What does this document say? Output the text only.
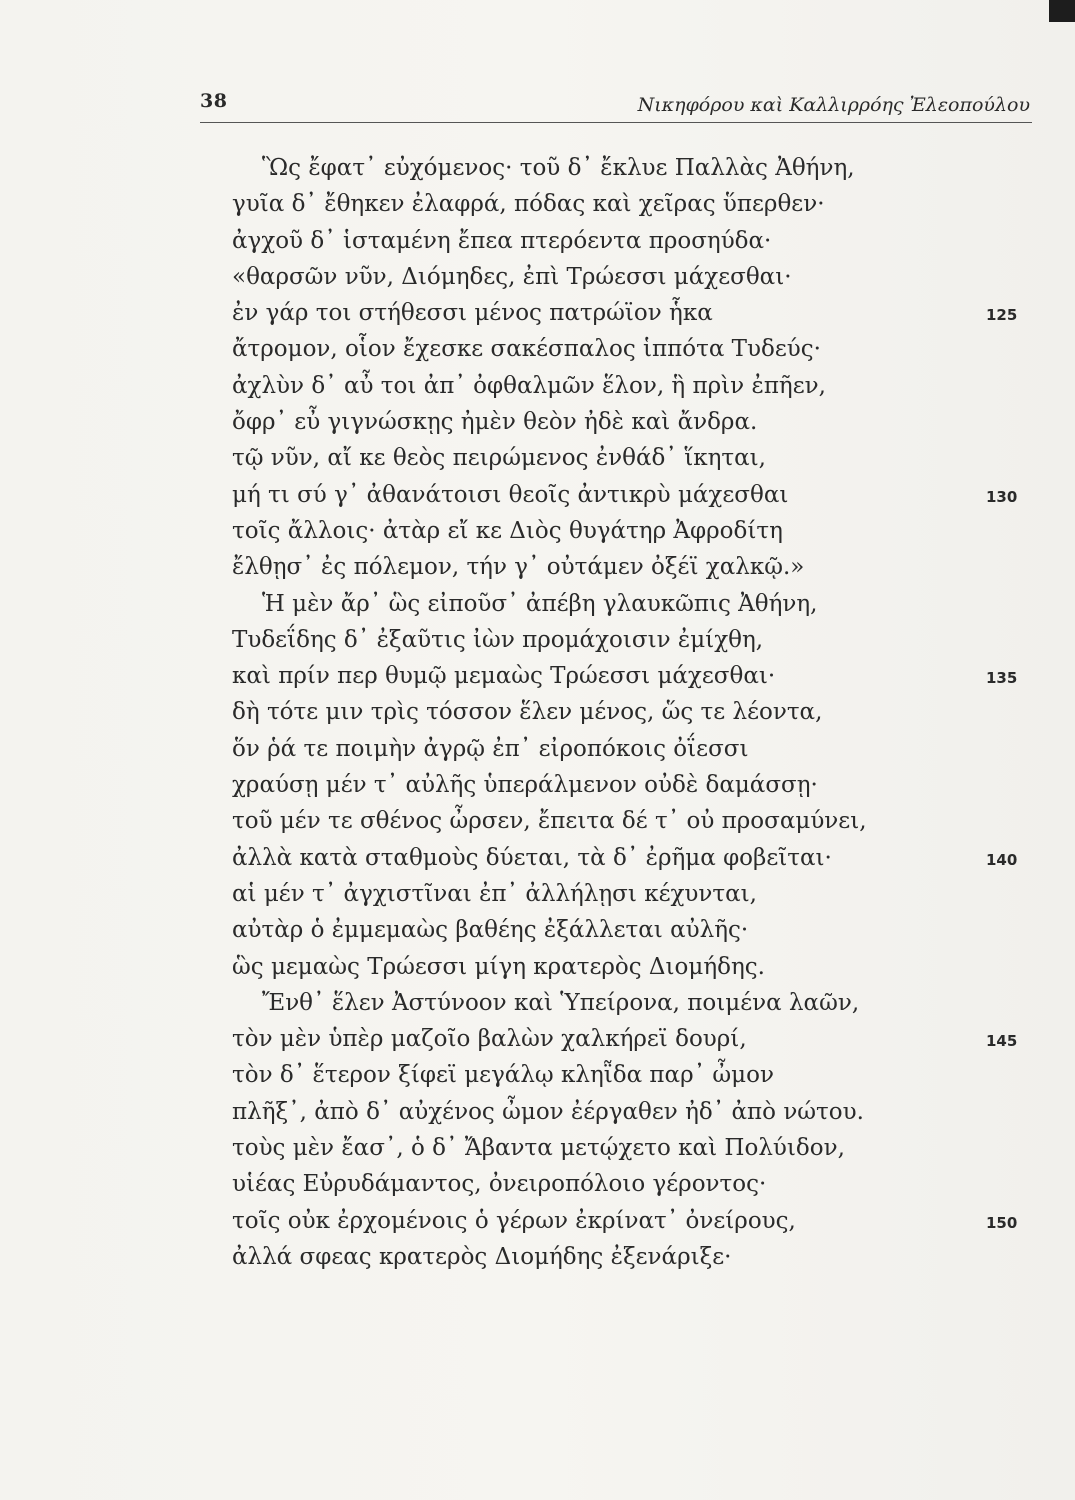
38	Νικηφόρου καὶ Καλλιρρόης Ἐλεοπούλου
Ὣς ἔφατ᾽ εὐχόμενος· τοῦ δ᾽ ἔκλυε Παλλὰς Ἀθήνη,
γυῖα δ᾽ ἔθηκεν ἐλαφρά, πόδας καὶ χεῖρας ὕπερθεν·
ἀγχοῦ δ᾽ ἱσταμένη ἔπεα πτερόεντα προσηύδα·
«θαρσῶν νῦν, Διόμηδες, ἐπὶ Τρώεσσι μάχεσθαι·
ἐν γάρ τοι στήθεσσι μένος πατρώϊον ἧκα	125
ἄτρομον, οἷον ἔχεσκε σακέσπαλος ἱππότα Τυδεύς·
ἀχλὺν δ᾽ αὖ τοι ἀπ᾽ ὀφθαλμῶν ἕλον, ἣ πρὶν ἐπῆεν,
ὄφρ᾽ εὖ γιγνώσκῃς ἠμὲν θεὸν ἠδὲ καὶ ἄνδρα.
τῷ νῦν, αἴ κε θεὸς πειρώμενος ἐνθάδ᾽ ἵκηται,
μή τι σύ γ᾽ ἀθανάτοισι θεοῖς ἀντικρὺ μάχεσθαι	130
τοῖς ἄλλοις· ἀτὰρ εἴ κε Διὸς θυγάτηρ Ἀφροδίτη
ἔλθῃσ᾽ ἐς πόλεμον, τήν γ᾽ οὐτάμεν ὀξέϊ χαλκῷ.»
Ἡ μὲν ἄρ᾽ ὣς εἰποῦσ᾽ ἀπέβη γλαυκῶπις Ἀθήνη,
Τυδεΐδης δ᾽ ἐξαῦτις ἰὼν προμάχοισιν ἐμίχθη,
καὶ πρίν περ θυμῷ μεμαὼς Τρώεσσι μάχεσθαι·	135
δὴ τότε μιν τρὶς τόσσον ἕλεν μένος, ὥς τε λέοντα,
ὅν ῥά τε ποιμὴν ἀγρῷ ἐπ᾽ εἰροπόκοις ὀΐεσσι
χραύσῃ μέν τ᾽ αὐλῆς ὑπεράλμενον οὐδὲ δαμάσσῃ·
τοῦ μέν τε σθένος ὦρσεν, ἔπειτα δέ τ᾽ οὐ προσαμύνει,
ἀλλὰ κατὰ σταθμοὺς δύεται, τὰ δ᾽ ἐρῆμα φοβεῖται·	140
αἱ μέν τ᾽ ἀγχιστῖναι ἐπ᾽ ἀλλήλῃσι κέχυνται,
αὐτὰρ ὁ ἐμμεμαὼς βαθέης ἐξάλλεται αὐλῆς·
ὣς μεμαὼς Τρώεσσι μίγη κρατερὸς Διομήδης.
Ἔνθ᾽ ἕλεν Ἀστύνοον καὶ Ὑπείρονα, ποιμένα λαῶν,
τὸν μὲν ὑπὲρ μαζοῖο βαλὼν χαλκήρεϊ δουρί,	145
τὸν δ᾽ ἕτερον ξίφεϊ μεγάλῳ κληῗδα παρ᾽ ὦμον
πλῆξ᾽, ἀπὸ δ᾽ αὐχένος ὦμον ἐέργαθεν ἠδ᾽ ἀπὸ νώτου.
τοὺς μὲν ἔασ᾽, ὁ δ᾽ Ἄβαντα μετῴχετο καὶ Πολύιδον,
υἱέας Εὐρυδάμαντος, ὀνειροπόλοιο γέροντος·
τοῖς οὐκ ἐρχομένοις ὁ γέρων ἐκρίνατ᾽ ὀνείρους,	150
ἀλλά σφεας κρατερὸς Διομήδης ἐξενάριξε·
